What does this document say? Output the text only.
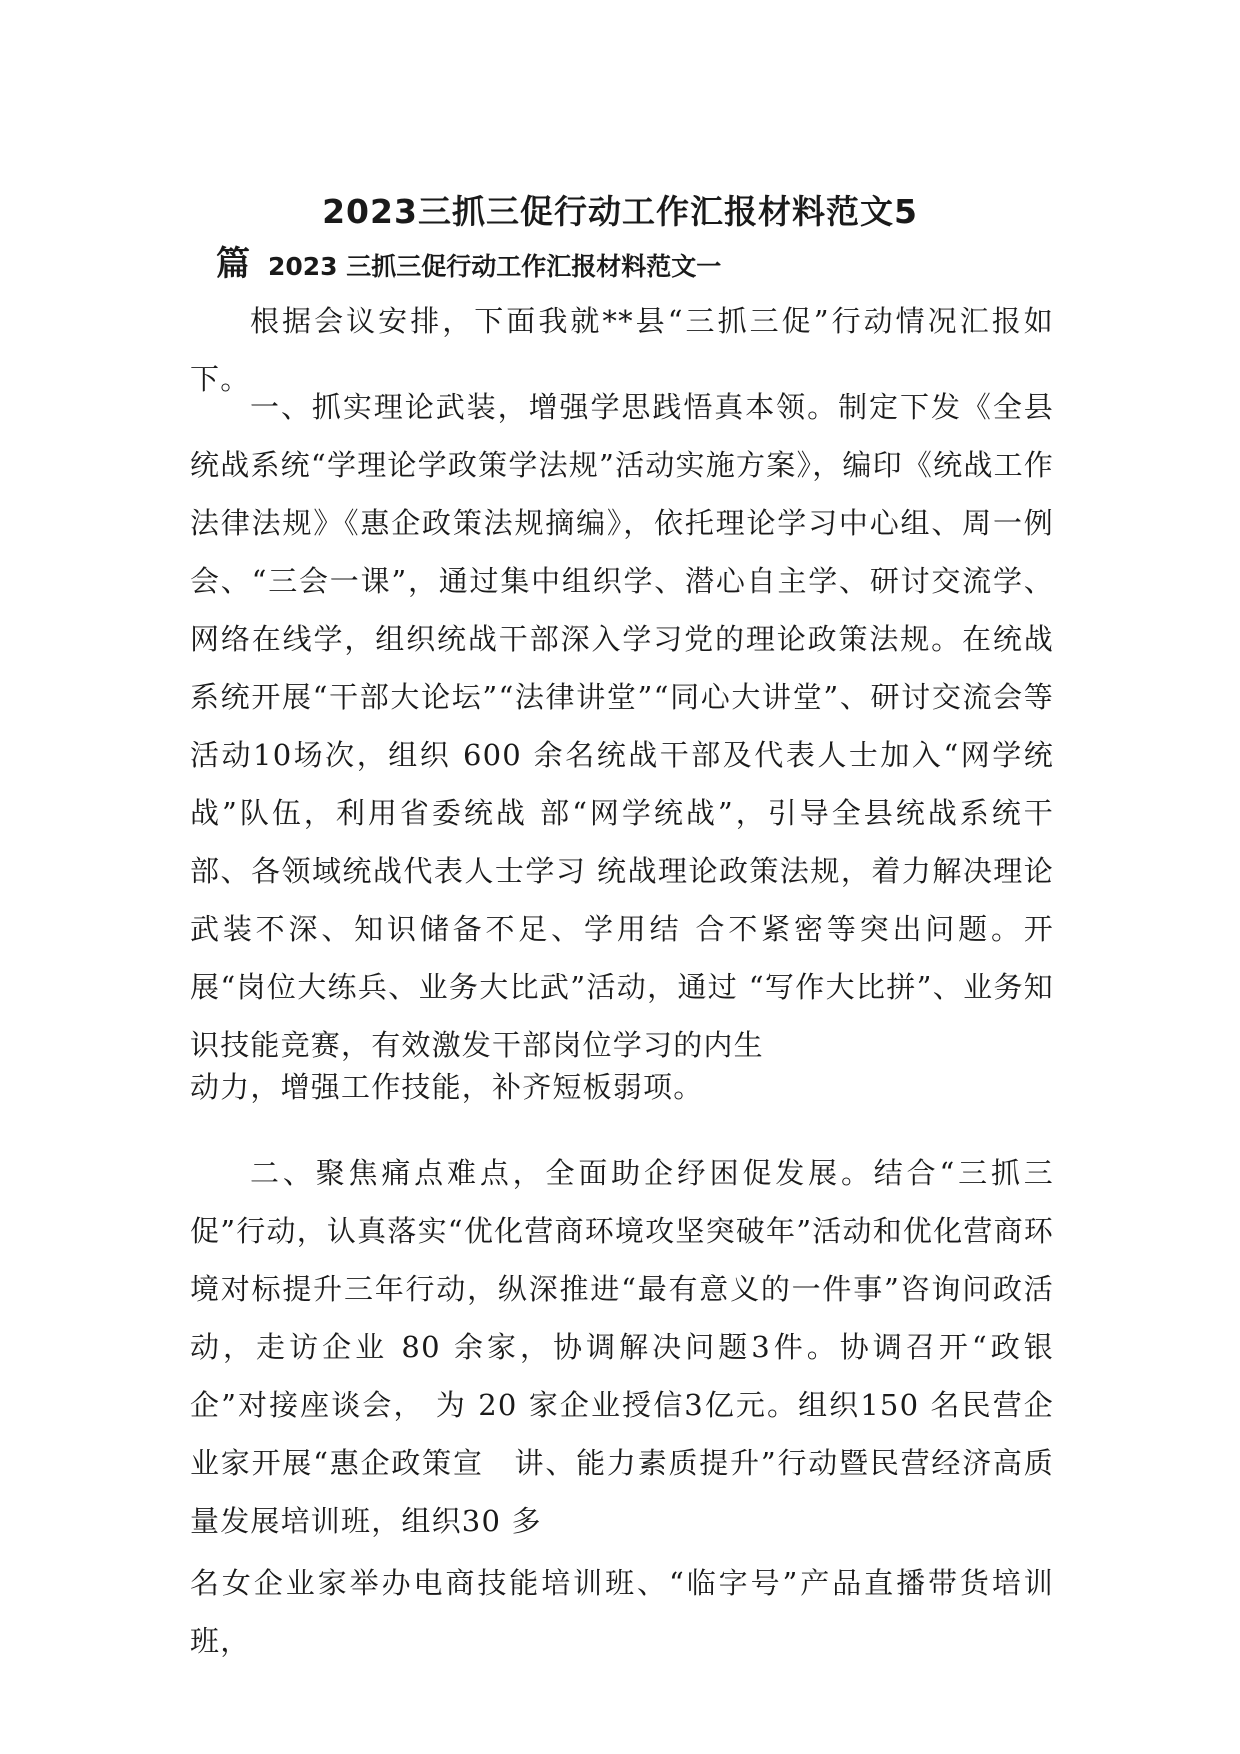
2023三抓三促行动工作汇报材料范文5
篇 2023 三抓三促行动工作汇报材料范文一

根据会议安排，下面我就**县“三抓三促”行动情况汇报如下。

一、抓实理论武装，增强学思践悟真本领。制定下发《全县统战系统“学理论学政策学法规”活动实施方案》，编印《统战工作法律法规》《惠企政策法规摘编》，依托理论学习中心组、周一例会、“三会一课”，通过集中组织学、潜心自主学、研讨交流学、网络在线学，组织统战干部深入学习党的理论政策法规。在统战系统开展“干部大论坛”“法律讲堂”“同心大讲堂”、研讨交流会等活动10场次，组织 600 余名统战干部及代表人士加入“网学统战”队伍，利用省委统战 部“网学统战”，引导全县统战系统干部、各领域统战代表人士学习 统战理论政策法规，着力解决理论武装不深、知识储备不足、学用结 合不紧密等突出问题。开展“岗位大练兵、业务大比武”活动，通过 “写作大比拼”、业务知识技能竞赛，有效激发干部岗位学习的内生

动力，增强工作技能，补齐短板弱项。

二、聚焦痛点难点，全面助企纾困促发展。结合“三抓三促”行动，认真落实“优化营商环境攻坚突破年”活动和优化营商环境对标提升三年行动，纵深推进“最有意义的一件事”咨询问政活动，走访企业 80 余家，协调解决问题3件。协调召开“政银企”对接座谈会， 为 20 家企业授信3亿元。组织150 名民营企业家开展“惠企政策宣　讲、能力素质提升”行动暨民营经济高质量发展培训班，组织30 多

名女企业家举办电商技能培训班、“临字号”产品直播带货培训班，
